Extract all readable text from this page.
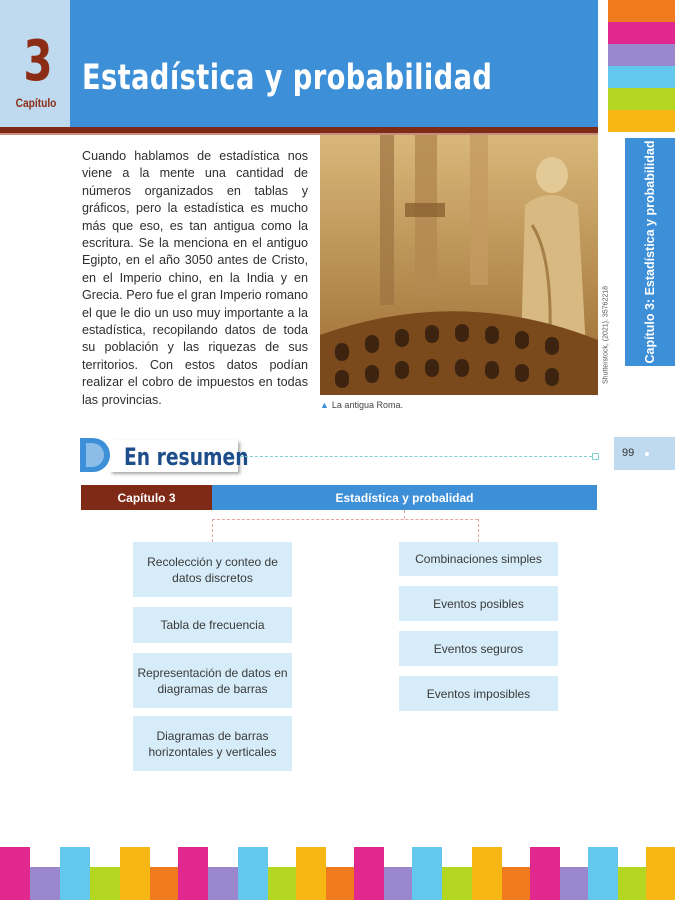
3
Capítulo
Estadística y probabilidad
Capítulo 3: Estadística y probabilidad
Shutterstock, (2021). 35762218

Cuando hablamos de estadística nos viene a la mente una cantidad de números organizados en tablas y gráficos, pero la estadística es mucho más que eso, es tan antigua como la escritura. Se la menciona en el antiguo Egipto, en el año 3050 antes de Cristo, en el Imperio chino, en la India y en Grecia. Pero fue el gran Imperio romano el que le dio un uso muy importante a la estadística, recopilando datos de toda su población y las riquezas de sus territorios. Con estos datos podían realizar el cobro de impuestos en todas las provincias.	▲ La antigua Roma.
En resumen	99
Capítulo 3	Estadística y probalidad
Recolección y conteo de datos discretos
Tabla de frecuencia
Representación de datos en diagramas de barras
Diagramas de barras horizontales y verticales
Combinaciones simples
Eventos posibles
Eventos seguros
Eventos imposibles
